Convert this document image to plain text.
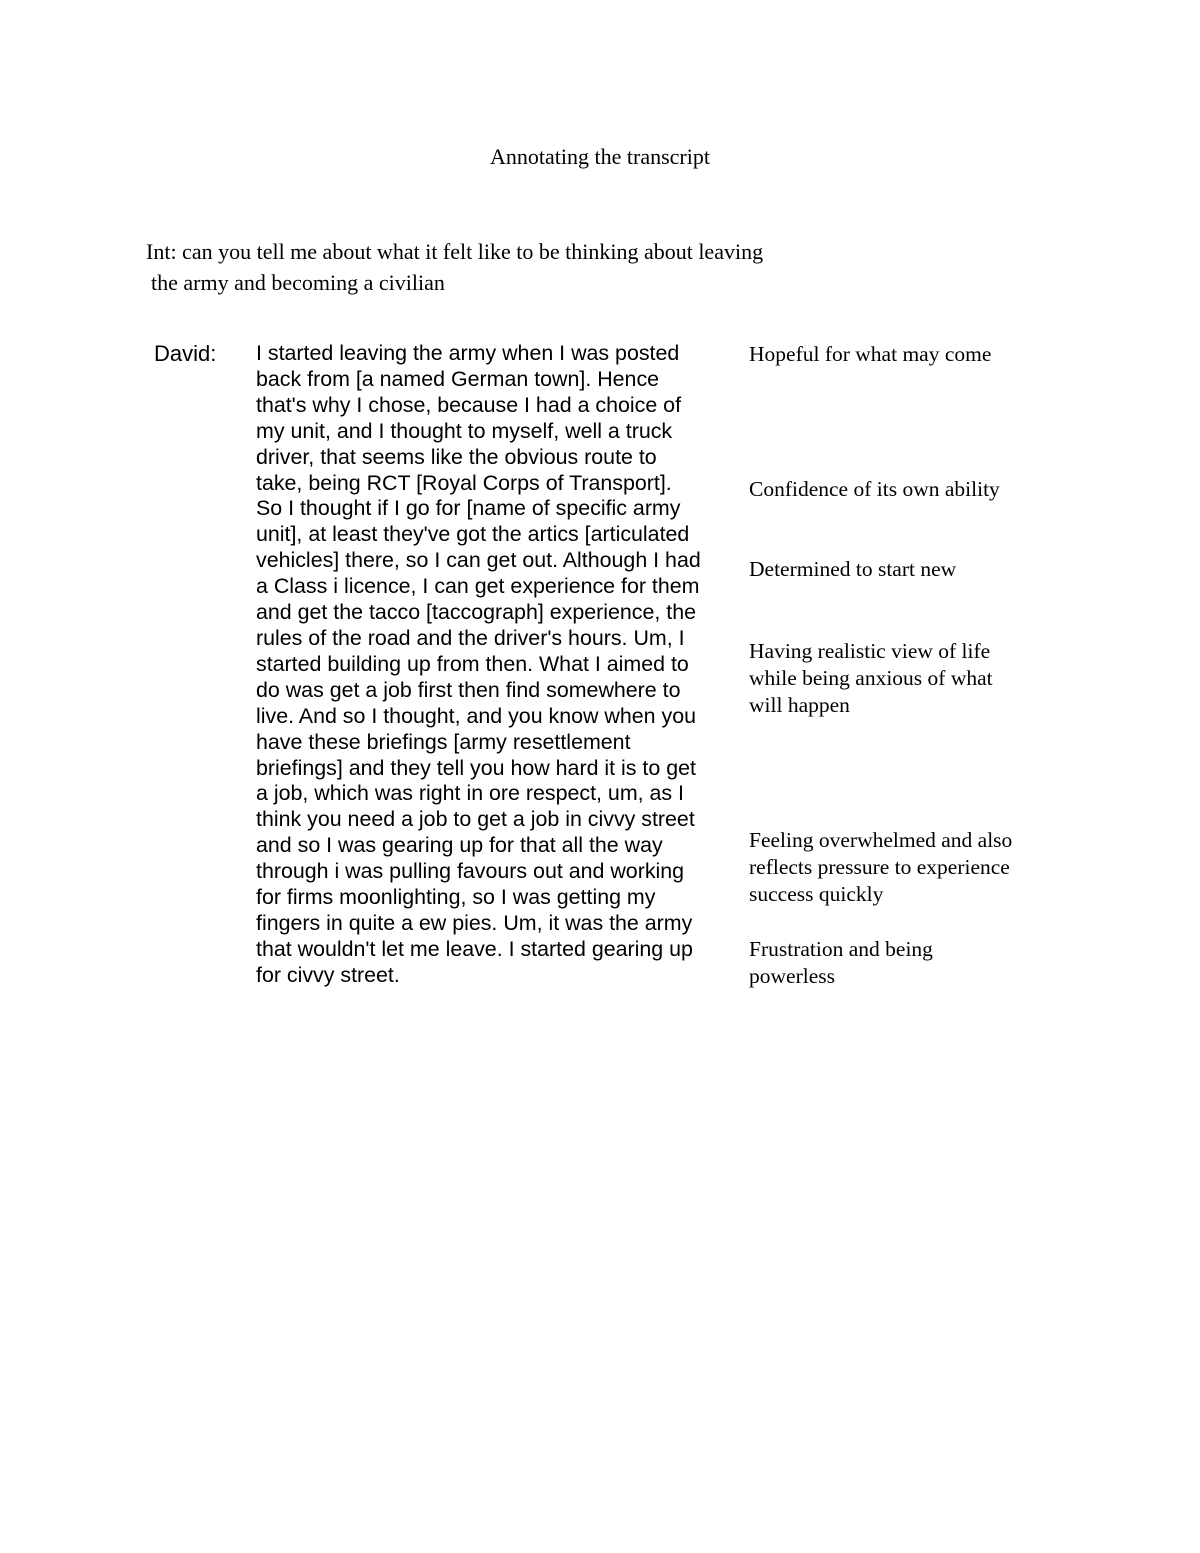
Annotating the transcript
Int: can you tell me about what it felt like to be thinking about leaving
the army and becoming a civilian
David: I started leaving the army when I was posted
back from [a named German town]. Hence
that's why I chose, because I had a choice of
my unit, and I thought to myself, well a truck
driver, that seems like the obvious route to
take, being RCT [Royal Corps of Transport].
So I thought if I go for [name of specific army
unit], at least they've got the artics [articulated
vehicles] there, so I can get out. Although I had
a Class i licence, I can get experience for them
and get the tacco [taccograph] experience, the
rules of the road and the driver's hours. Um, I
started building up from then. What I aimed to
do was get a job first then find somewhere to
live. And so I thought, and you know when you
have these briefings [army resettlement
briefings] and they tell you how hard it is to get
a job, which was right in ore respect, um, as I
think you need a job to get a job in civvy street
and so I was gearing up for that all the way
through i was pulling favours out and working
for firms moonlighting, so I was getting my
fingers in quite a ew pies. Um, it was the army
that wouldn't let me leave. I started gearing up
for civvy street.
Hopeful for what may come
Confidence of its own ability
Determined to start new
Having realistic view of life
while being anxious of what
will happen
Feeling overwhelmed and also
reflects pressure to experience
success quickly
Frustration and being
powerless
